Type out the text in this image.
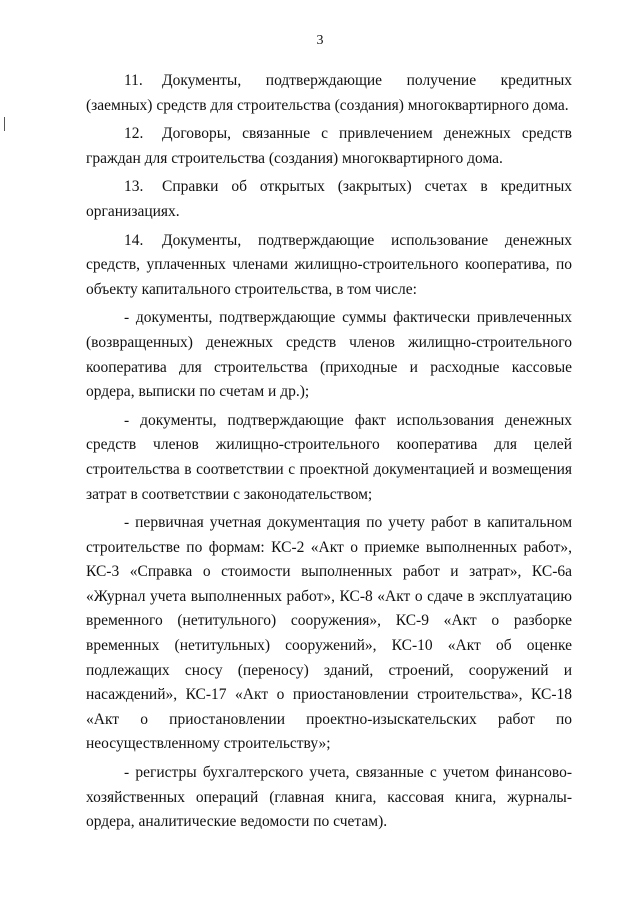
3

11. Документы, подтверждающие получение кредитных (заемных) средств для строительства (создания) многоквартирного дома.

12. Договоры, связанные с привлечением денежных средств граждан для строительства (создания) многоквартирного дома.

13. Справки об открытых (закрытых) счетах в кредитных организациях.

14. Документы, подтверждающие использование денежных средств, уплаченных членами жилищно-строительного кооператива, по объекту капитального строительства, в том числе:

- документы, подтверждающие суммы фактически привлеченных (возвращенных) денежных средств членов жилищно-строительного кооператива для строительства (приходные и расходные кассовые ордера, выписки по счетам и др.);

- документы, подтверждающие факт использования денежных средств членов жилищно-строительного кооператива для целей строительства в соответствии с проектной документацией и возмещения затрат в соответствии с законодательством;

- первичная учетная документация по учету работ в капитальном строительстве по формам: КС-2 «Акт о приемке выполненных работ», КС-3 «Справка о стоимости выполненных работ и затрат», КС-6а «Журнал учета выполненных работ», КС-8 «Акт о сдаче в эксплуатацию временного (нетитульного) сооружения», КС-9 «Акт о разборке временных (нетитульных) сооружений», КС-10 «Акт об оценке подлежащих сносу (переносу) зданий, строений, сооружений и насаждений», КС-17 «Акт о приостановлении строительства», КС-18 «Акт о приостановлении проектно-изыскательских работ по неосуществленному строительству»;

- регистры бухгалтерского учета, связанные с учетом финансово-хозяйственных операций (главная книга, кассовая книга, журналы-ордера, аналитические ведомости по счетам).
